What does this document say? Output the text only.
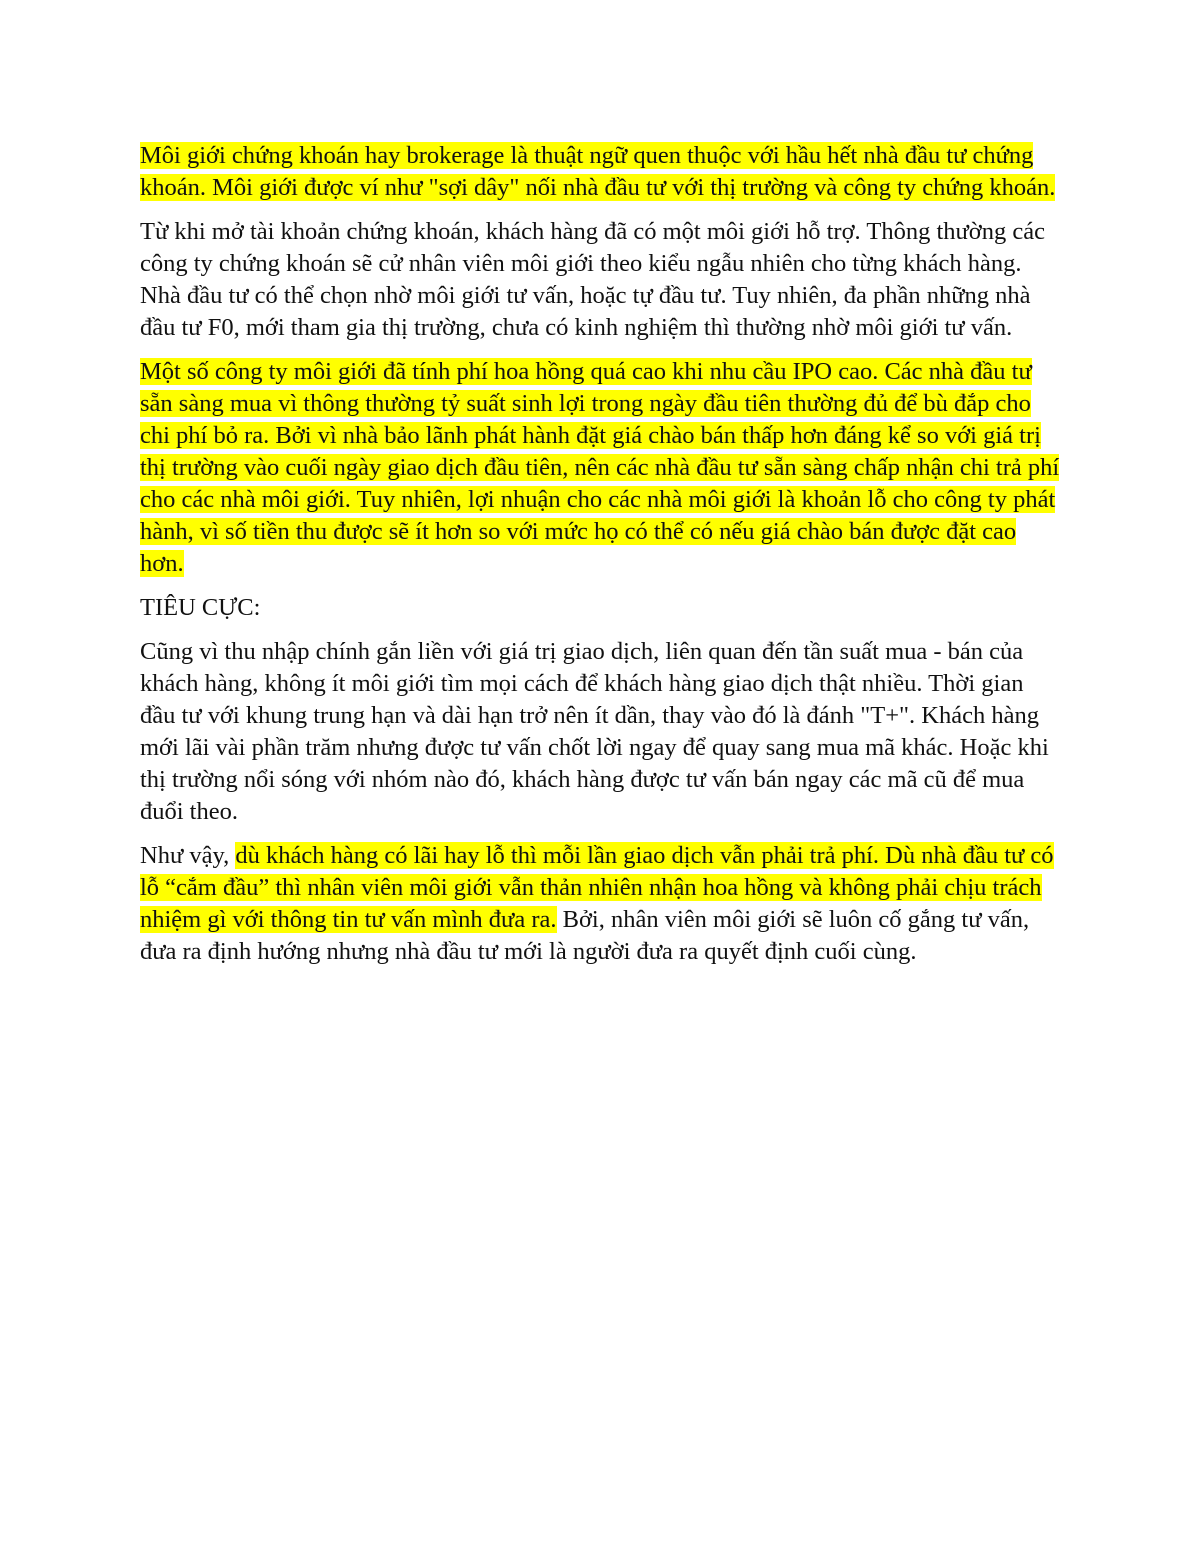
Môi giới chứng khoán hay brokerage là thuật ngữ quen thuộc với hầu hết nhà đầu tư chứng khoán. Môi giới được ví như "sợi dây" nối nhà đầu tư với thị trường và công ty chứng khoán.

Từ khi mở tài khoản chứng khoán, khách hàng đã có một môi giới hỗ trợ. Thông thường các công ty chứng khoán sẽ cử nhân viên môi giới theo kiểu ngẫu nhiên cho từng khách hàng. Nhà đầu tư có thể chọn nhờ môi giới tư vấn, hoặc tự đầu tư. Tuy nhiên, đa phần những nhà đầu tư F0, mới tham gia thị trường, chưa có kinh nghiệm thì thường nhờ môi giới tư vấn.

Một số công ty môi giới đã tính phí hoa hồng quá cao khi nhu cầu IPO cao. Các nhà đầu tư sẵn sàng mua vì thông thường tỷ suất sinh lợi trong ngày đầu tiên thường đủ để bù đắp cho chi phí bỏ ra. Bởi vì nhà bảo lãnh phát hành đặt giá chào bán thấp hơn đáng kể so với giá trị thị trường vào cuối ngày giao dịch đầu tiên, nên các nhà đầu tư sẵn sàng chấp nhận chi trả phí cho các nhà môi giới. Tuy nhiên, lợi nhuận cho các nhà môi giới là khoản lỗ cho công ty phát hành, vì số tiền thu được sẽ ít hơn so với mức họ có thể có nếu giá chào bán được đặt cao hơn.

TIÊU CỰC:

Cũng vì thu nhập chính gắn liền với giá trị giao dịch, liên quan đến tần suất mua - bán của khách hàng, không ít môi giới tìm mọi cách để khách hàng giao dịch thật nhiều. Thời gian đầu tư với khung trung hạn và dài hạn trở nên ít dần, thay vào đó là đánh "T+". Khách hàng mới lãi vài phần trăm nhưng được tư vấn chốt lời ngay để quay sang mua mã khác. Hoặc khi thị trường nổi sóng với nhóm nào đó, khách hàng được tư vấn bán ngay các mã cũ để mua đuổi theo.

Như vậy, dù khách hàng có lãi hay lỗ thì mỗi lần giao dịch vẫn phải trả phí. Dù nhà đầu tư có lỗ “cắm đầu” thì nhân viên môi giới vẫn thản nhiên nhận hoa hồng và không phải chịu trách nhiệm gì với thông tin tư vấn mình đưa ra. Bởi, nhân viên môi giới sẽ luôn cố gắng tư vấn, đưa ra định hướng nhưng nhà đầu tư mới là người đưa ra quyết định cuối cùng.
